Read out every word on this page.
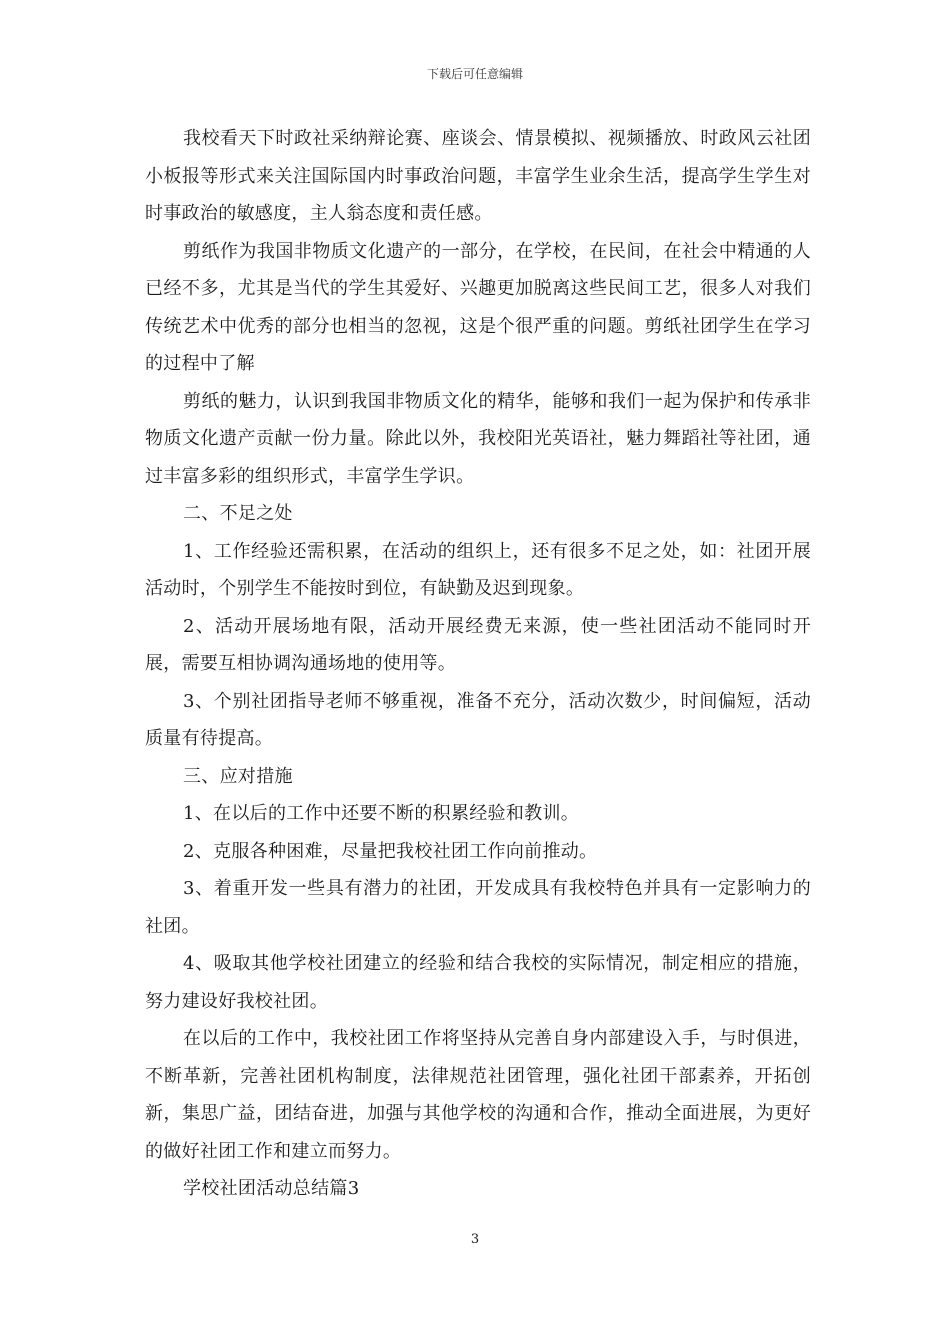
下载后可任意编辑

我校看天下时政社采纳辩论赛、座谈会、情景模拟、视频播放、时政风云社团小板报等形式来关注国际国内时事政治问题，丰富学生业余生活，提高学生学生对时事政治的敏感度，主人翁态度和责任感。

剪纸作为我国非物质文化遗产的一部分，在学校，在民间，在社会中精通的人已经不多，尤其是当代的学生其爱好、兴趣更加脱离这些民间工艺，很多人对我们传统艺术中优秀的部分也相当的忽视，这是个很严重的问题。剪纸社团学生在学习的过程中了解

剪纸的魅力，认识到我国非物质文化的精华，能够和我们一起为保护和传承非物质文化遗产贡献一份力量。除此以外，我校阳光英语社，魅力舞蹈社等社团，通过丰富多彩的组织形式，丰富学生学识。

二、不足之处

1、工作经验还需积累，在活动的组织上，还有很多不足之处，如：社团开展活动时，个别学生不能按时到位，有缺勤及迟到现象。

2、活动开展场地有限，活动开展经费无来源，使一些社团活动不能同时开展，需要互相协调沟通场地的使用等。

3、个别社团指导老师不够重视，准备不充分，活动次数少，时间偏短，活动质量有待提高。

三、应对措施

1、在以后的工作中还要不断的积累经验和教训。

2、克服各种困难，尽量把我校社团工作向前推动。

3、着重开发一些具有潜力的社团，开发成具有我校特色并具有一定影响力的社团。

4、吸取其他学校社团建立的经验和结合我校的实际情况，制定相应的措施，努力建设好我校社团。

在以后的工作中，我校社团工作将坚持从完善自身内部建设入手，与时俱进，不断革新，完善社团机构制度，法律规范社团管理，强化社团干部素养，开拓创新，集思广益，团结奋进，加强与其他学校的沟通和合作，推动全面进展，为更好的做好社团工作和建立而努力。

学校社团活动总结篇3

3
